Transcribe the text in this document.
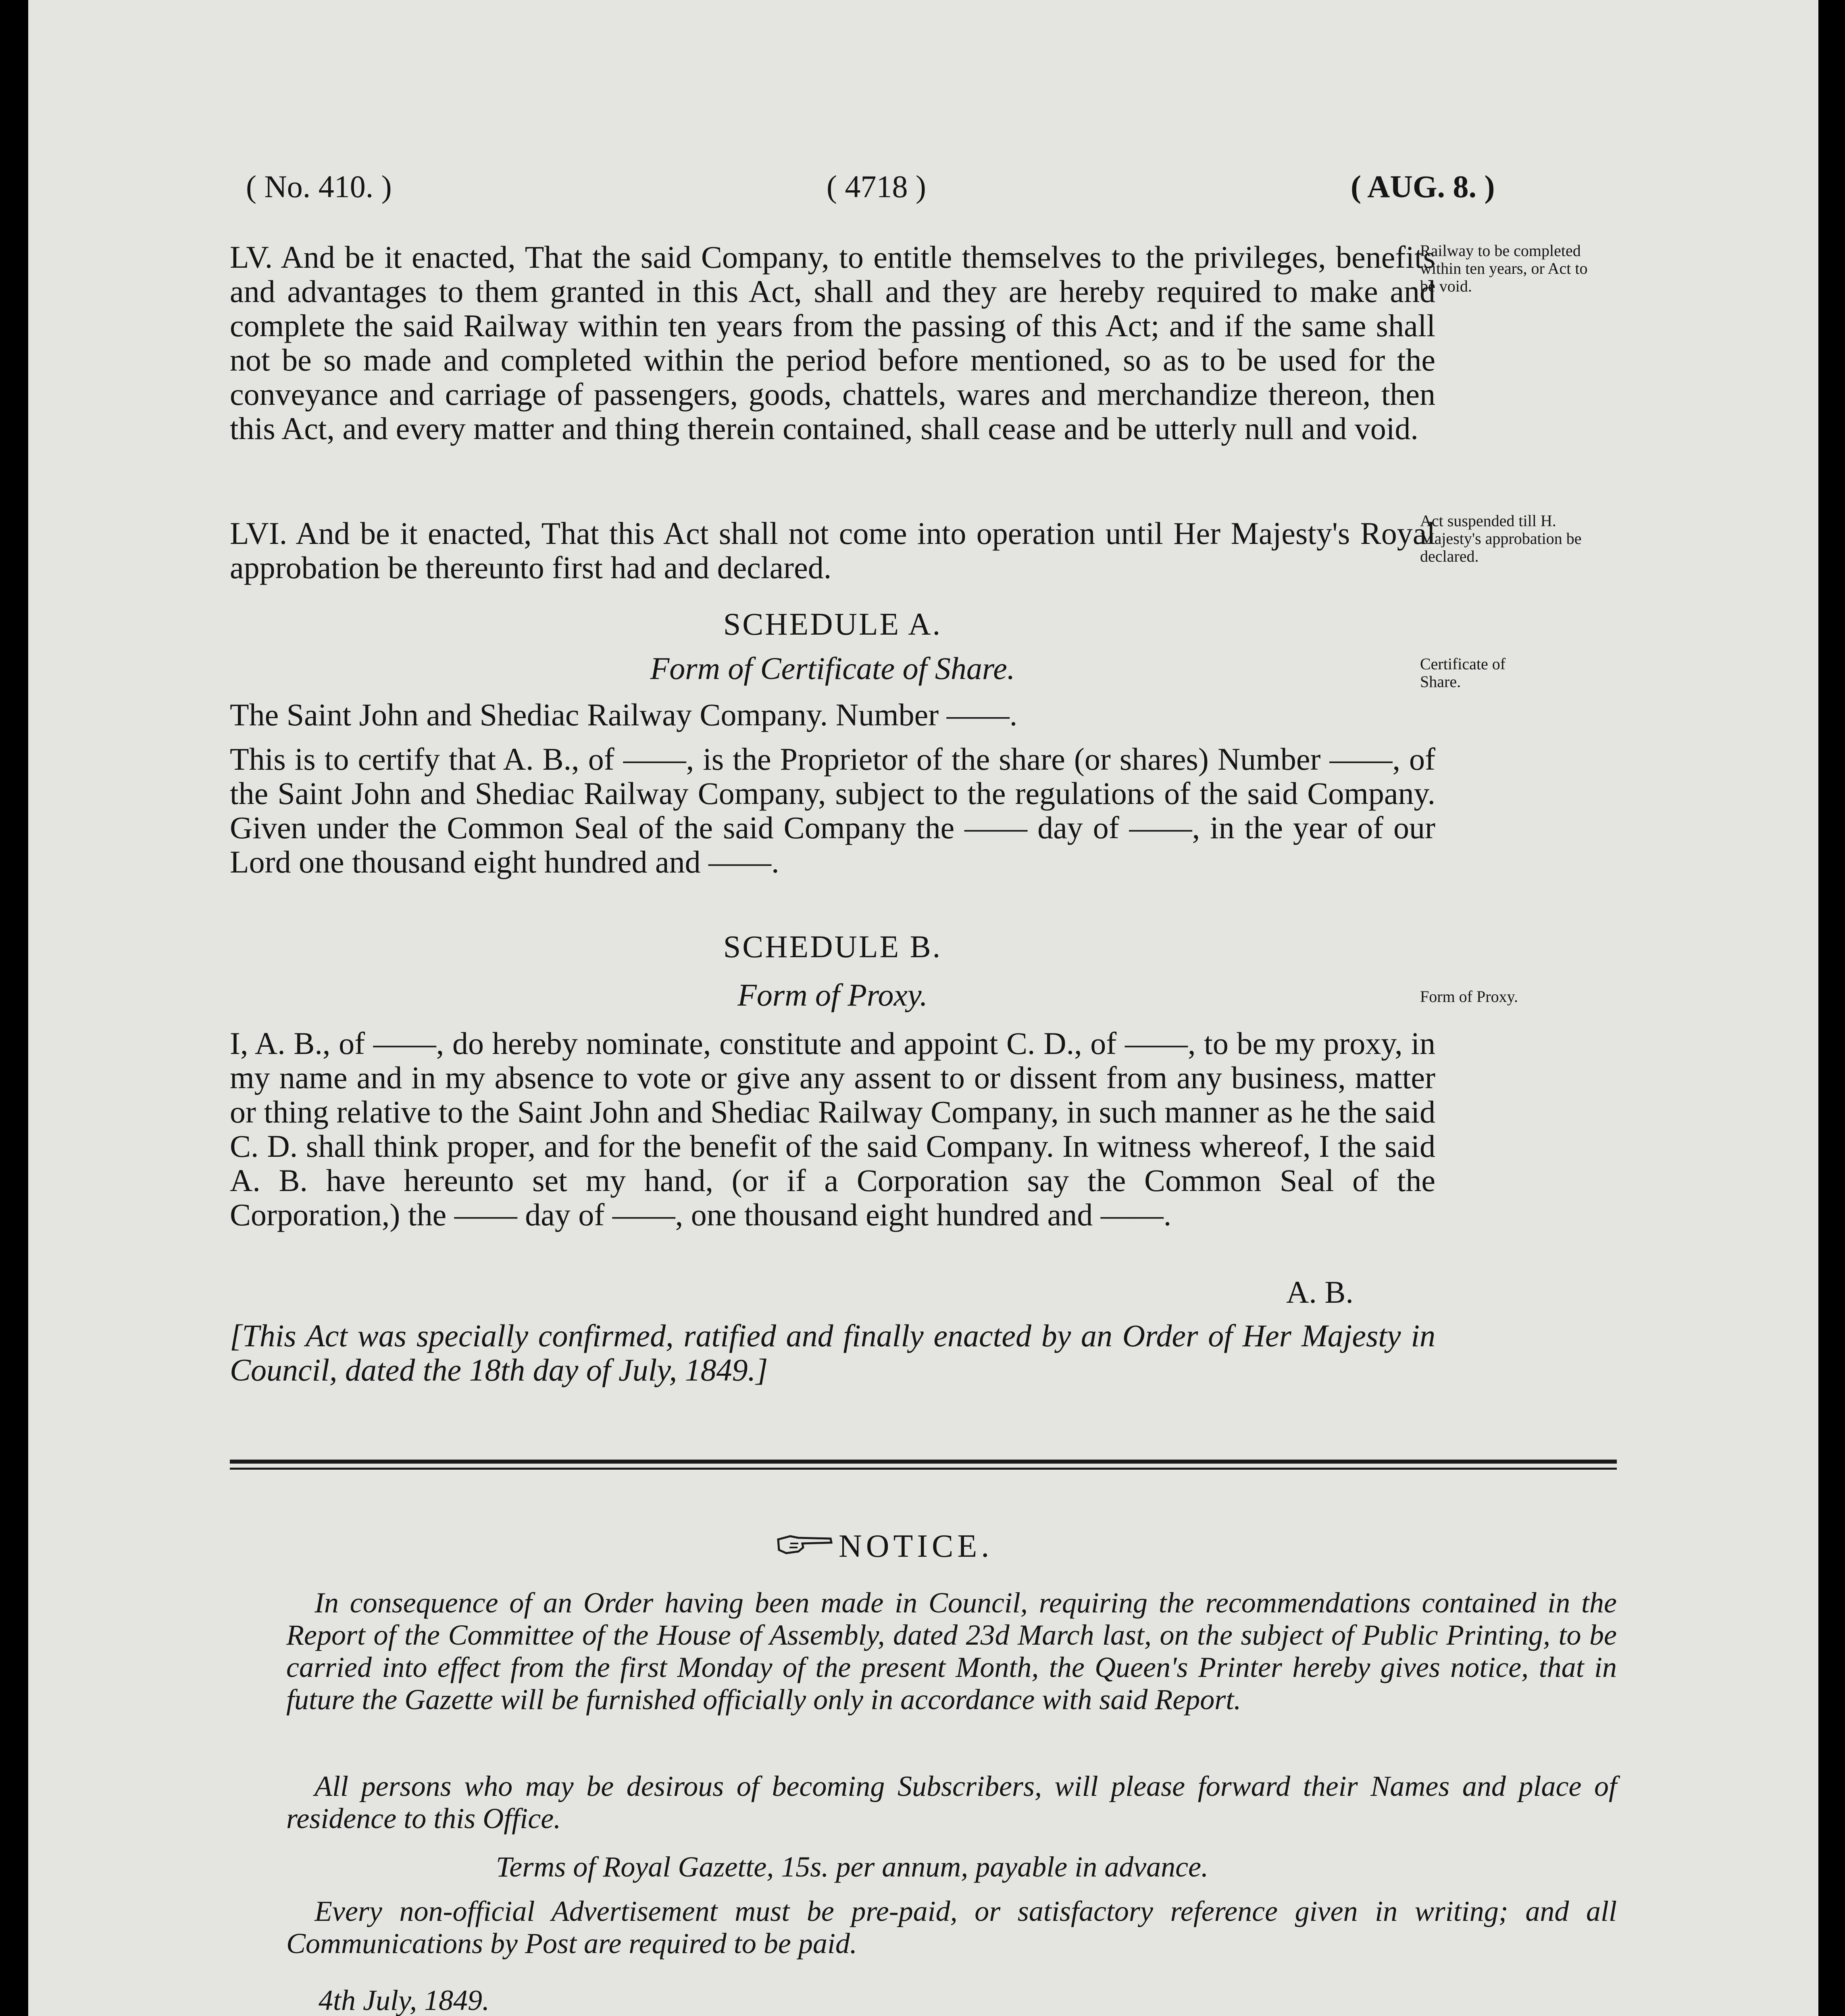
( No. 410. )	( 4718 )	( AUG. 8. )

LV. And be it enacted, That the said Company, to entitle themselves to the privileges, benefits and advantages to them granted in this Act, shall and they are hereby required to make and complete the said Railway within ten years from the passing of this Act; and if the same shall not be so made and completed within the period before mentioned, so as to be used for the conveyance and carriage of passengers, goods, chattels, wares and merchandize thereon, then this Act, and every matter and thing therein contained, shall cease and be utterly null and void.

LVI. And be it enacted, That this Act shall not come into operation until Her Majesty's Royal approbation be thereunto first had and declared.

SCHEDULE A.
Form of Certificate of Share.
The Saint John and Shediac Railway Company. Number ——.
This is to certify that A. B., of ——, is the Proprietor of the share (or shares) Number ——, of the Saint John and Shediac Railway Company, subject to the regulations of the said Company. Given under the Common Seal of the said Company the —— day of ——, in the year of our Lord one thousand eight hundred and ——.
SCHEDULE B.
Form of Proxy.
I, A. B., of ——, do hereby nominate, constitute and appoint C. D., of ——, to be my proxy, in my name and in my absence to vote or give any assent to or dissent from any business, matter or thing relative to the Saint John and Shediac Railway Company, in such manner as he the said C. D. shall think proper, and for the benefit of the said Company. In witness whereof, I the said A. B. have hereunto set my hand, (or if a Corporation say the Common Seal of the Corporation,) the —— day of ——, one thousand eight hundred and ——.
A. B.
[This Act was specially confirmed, ratified and finally enacted by an Order of Her Majesty in Council, dated the 18th day of July, 1849.]
Railway to be completed within ten years, or Act to be void.
Act suspended till H. Majesty's approbation be declared.
Certificate of Share.
Form of Proxy.
NOTICE.

In consequence of an Order having been made in Council, requiring the recommendations contained in the Report of the Committee of the House of Assembly, dated 23d March last, on the subject of Public Printing, to be carried into effect from the first Monday of the present Month, the Queen's Printer hereby gives notice, that in future the Gazette will be furnished officially only in accordance with said Report.

All persons who may be desirous of becoming Subscribers, will please forward their Names and place of residence to this Office.

Terms of Royal Gazette, 15s. per annum, payable in advance.

Every non-official Advertisement must be pre-paid, or satisfactory reference given in writing; and all Communications by Post are required to be paid.

4th July, 1849.
